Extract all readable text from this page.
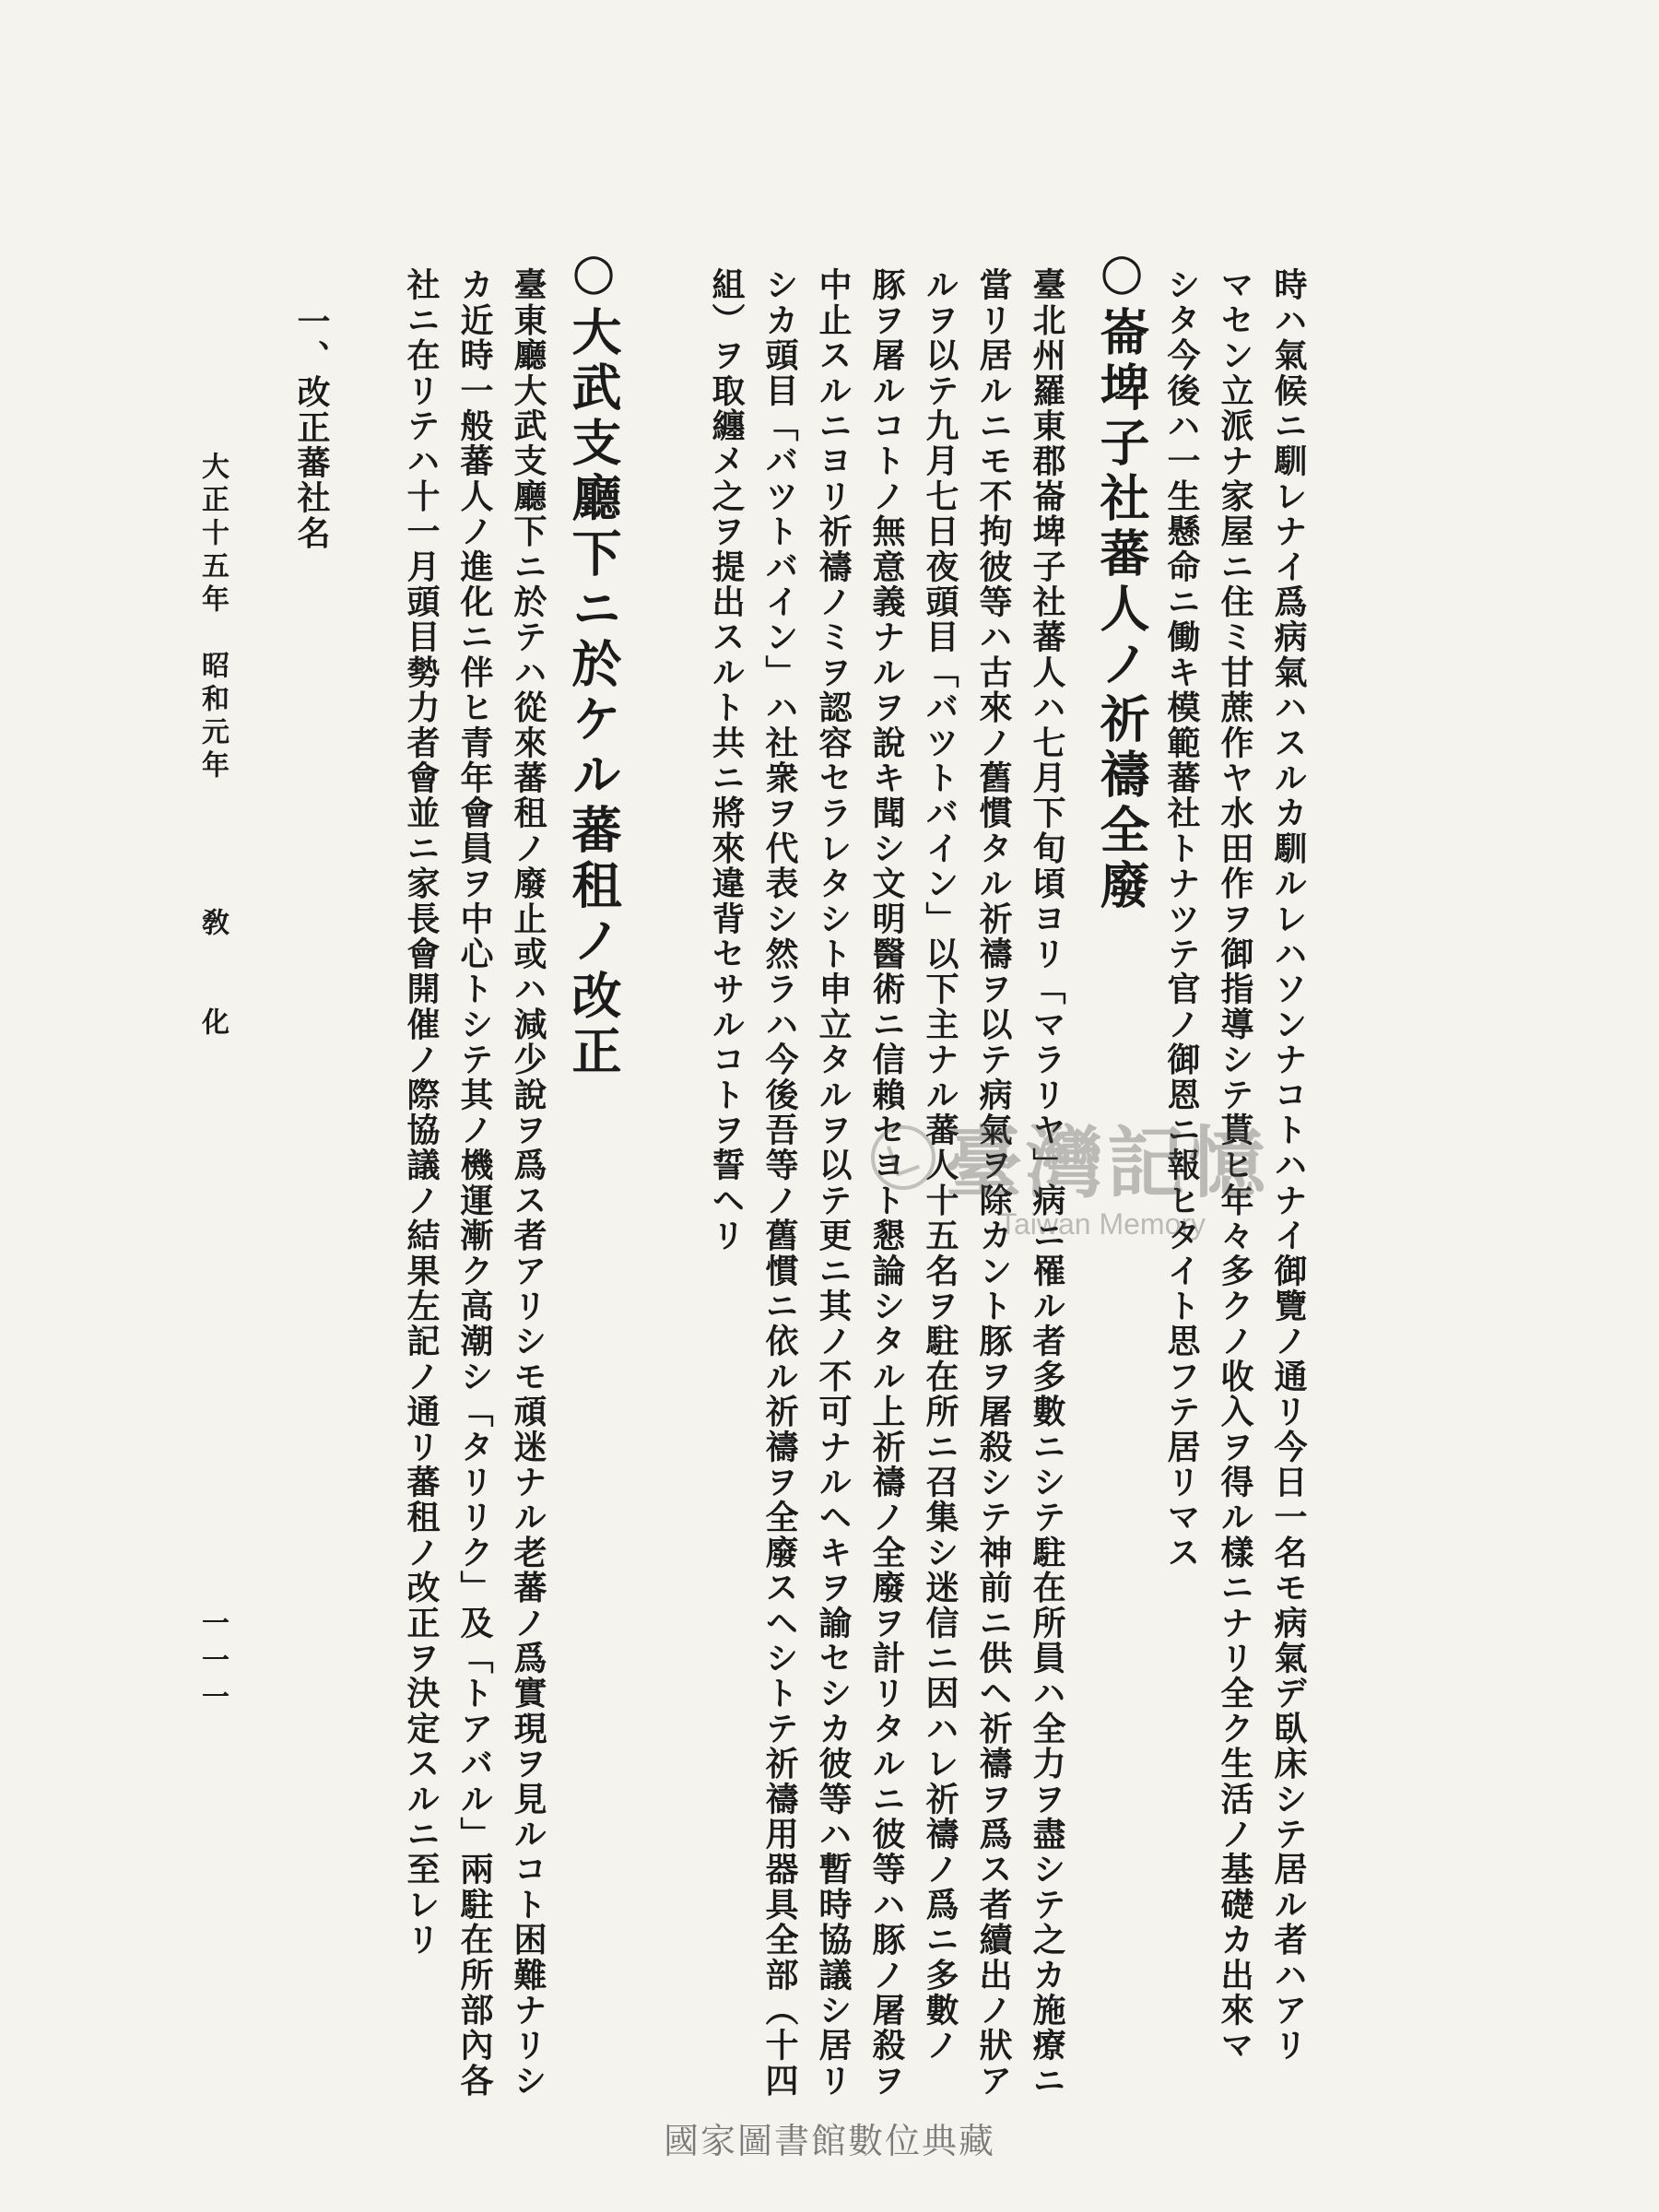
時ハ氣候ニ馴レナイ爲病氣ハスルカ馴ルレハソンナコトハナイ御覽ノ通リ今日一名モ病氣デ臥床シテ居ル者ハアリ
マセン立派ナ家屋ニ住ミ甘蔗作ヤ水田作ヲ御指導シテ貰ヒ年々多クノ收入ヲ得ル樣ニナリ全ク生活ノ基礎カ出來マ
シタ今後ハ一生懸命ニ働キ模範蕃社トナツテ官ノ御恩ニ報ヒタイト思フテ居リマス
○崙埤子社蕃人ノ祈禱全廢
臺北州羅東郡崙埤子社蕃人ハ七月下旬頃ヨリ「マラリヤ」病ニ罹ル者多數ニシテ駐在所員ハ全力ヲ盡シテ之カ施療ニ
當リ居ルニモ不拘彼等ハ古來ノ舊慣タル祈禱ヲ以テ病氣ヲ除カント豚ヲ屠殺シテ神前ニ供ヘ祈禱ヲ爲ス者續出ノ狀ア
ルヲ以テ九月七日夜頭目「バツトバイン」以下主ナル蕃人十五名ヲ駐在所ニ召集シ迷信ニ因ハレ祈禱ノ爲ニ多數ノ
豚ヲ屠ルコトノ無意義ナルヲ說キ聞シ文明醫術ニ信賴セヨト懇論シタル上祈禱ノ全廢ヲ計リタルニ彼等ハ豚ノ屠殺ヲ
中止スルニヨリ祈禱ノミヲ認容セラレタシト申立タルヲ以テ更ニ其ノ不可ナルヘキヲ諭セシカ彼等ハ暫時協議シ居リ
シカ頭目「バツトバイン」ハ社衆ヲ代表シ然ラハ今後吾等ノ舊慣ニ依ル祈禱ヲ全廢スヘシトテ祈禱用器具全部（十四
組）ヲ取纏メ之ヲ提出スルト共ニ將來違背セサルコトヲ誓ヘリ
○大武支廳下ニ於ケル蕃租ノ改正
臺東廳大武支廳下ニ於テハ從來蕃租ノ廢止或ハ減少說ヲ爲ス者アリシモ頑迷ナル老蕃ノ爲實現ヲ見ルコト困難ナリシ
カ近時一般蕃人ノ進化ニ伴ヒ青年會員ヲ中心トシテ其ノ機運漸ク高潮シ「タリリク」及「トアバル」兩駐在所部內各
社ニ在リテハ十一月頭目勢力者會並ニ家長會開催ノ際協議ノ結果左記ノ通リ蕃租ノ改正ヲ決定スルニ至レリ
一、改正蕃社名
大正十五年　昭和元年
敎　　化
一一一
臺灣記憶
Taiwan Memory
國家圖書館數位典藏
